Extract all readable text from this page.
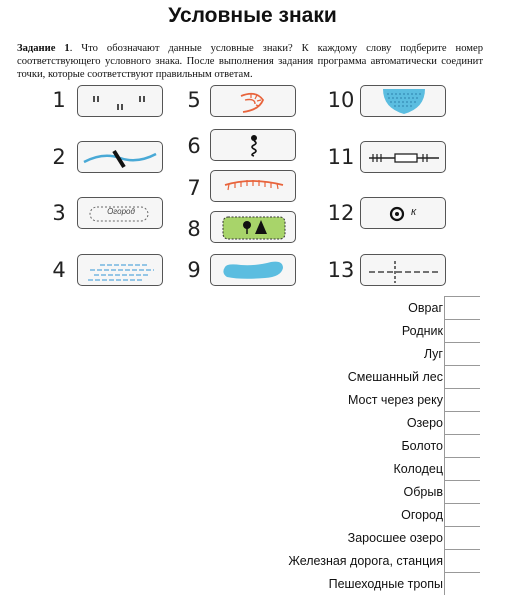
Условные знаки
Задание 1. Что обозначают данные условные знаки? К каждому слову подберите номер соответствующего условного знака. После выполнения задания программа автоматически соединит точки, которые соответствуют правильным ответам.
1
2
3	Огород
4
5
6
7
8
9
10
11
12	к
13
Овраг
Родник
Луг
Смешанный лес
Мост через реку
Озеро
Болото
Колодец
Обрыв
Огород
Заросшее озеро
Железная дорога, станция
Пешеходные тропы
